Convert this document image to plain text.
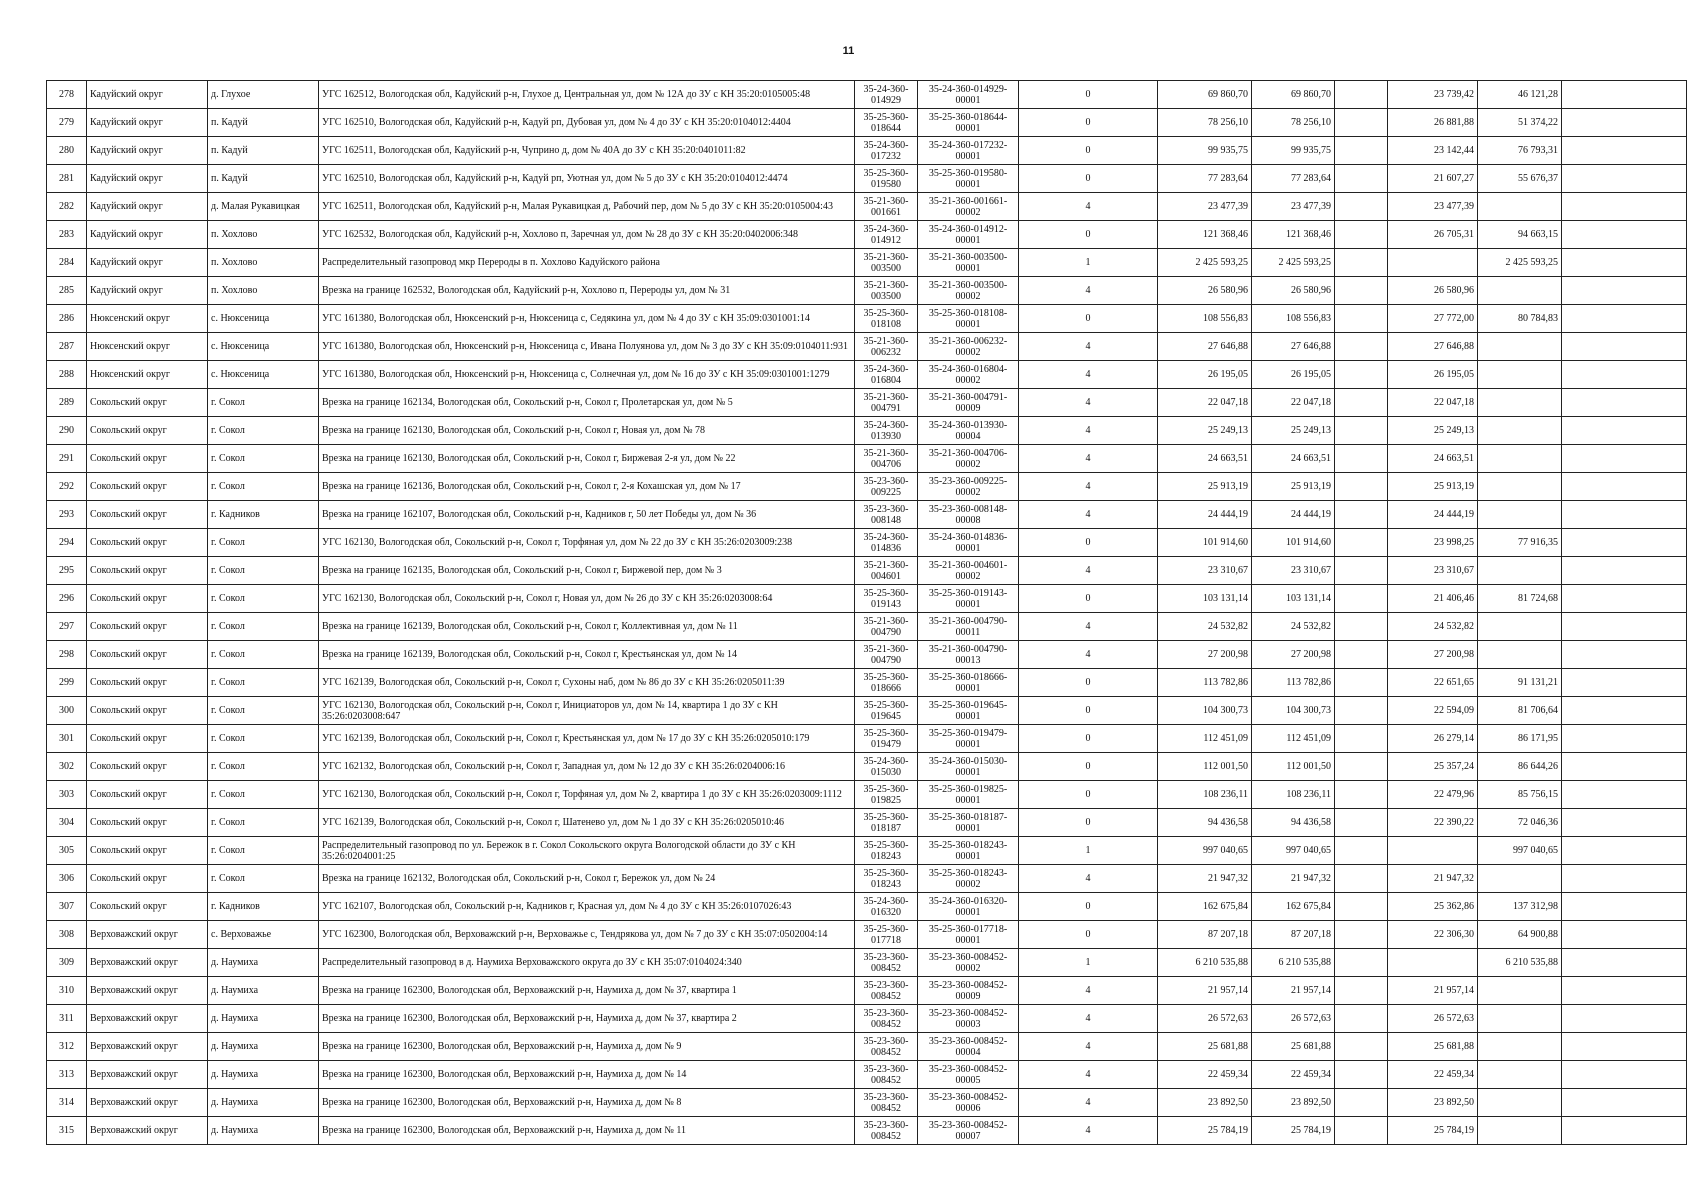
11
278	Кадуйский округ	д. Глухое	УГС 162512, Вологодская обл, Кадуйский р-н, Глухое д, Центральная ул, дом № 12А до ЗУ с КН 35:20:0105005:48	35-24-360-014929	35-24-360-014929-00001	0	69 860,70	69 860,70		23 739,42	46 121,28	
279	Кадуйский округ	п. Кадуй	УГС 162510, Вологодская обл, Кадуйский р-н, Кадуй рп, Дубовая ул, дом № 4 до ЗУ с КН 35:20:0104012:4404	35-25-360-018644	35-25-360-018644-00001	0	78 256,10	78 256,10		26 881,88	51 374,22	
280	Кадуйский округ	п. Кадуй	УГС 162511, Вологодская обл, Кадуйский р-н, Чуприно д, дом № 40А до ЗУ с КН 35:20:0401011:82	35-24-360-017232	35-24-360-017232-00001	0	99 935,75	99 935,75		23 142,44	76 793,31	
281	Кадуйский округ	п. Кадуй	УГС 162510, Вологодская обл, Кадуйский р-н, Кадуй рп, Уютная ул, дом № 5 до ЗУ с КН 35:20:0104012:4474	35-25-360-019580	35-25-360-019580-00001	0	77 283,64	77 283,64		21 607,27	55 676,37	
282	Кадуйский округ	д. Малая Рукавицкая	УГС 162511, Вологодская обл, Кадуйский р-н, Малая Рукавицкая д, Рабочий пер, дом № 5 до ЗУ с КН 35:20:0105004:43	35-21-360-001661	35-21-360-001661-00002	4	23 477,39	23 477,39		23 477,39		
283	Кадуйский округ	п. Хохлово	УГС 162532, Вологодская обл, Кадуйский р-н, Хохлово п, Заречная ул, дом № 28 до ЗУ с КН 35:20:0402006:348	35-24-360-014912	35-24-360-014912-00001	0	121 368,46	121 368,46		26 705,31	94 663,15	
284	Кадуйский округ	п. Хохлово	Распределительный газопровод мкр Перероды в п. Хохлово Кадуйского района	35-21-360-003500	35-21-360-003500-00001	1	2 425 593,25	2 425 593,25			2 425 593,25	
285	Кадуйский округ	п. Хохлово	Врезка на границе 162532, Вологодская обл, Кадуйский р-н, Хохлово п, Перероды ул, дом № 31	35-21-360-003500	35-21-360-003500-00002	4	26 580,96	26 580,96		26 580,96		
286	Нюксенский округ	с. Нюксеница	УГС 161380, Вологодская обл, Нюксенский р-н, Нюксеница с, Седякина ул, дом № 4 до ЗУ с КН 35:09:0301001:14	35-25-360-018108	35-25-360-018108-00001	0	108 556,83	108 556,83		27 772,00	80 784,83	
287	Нюксенский округ	с. Нюксеница	УГС 161380, Вологодская обл, Нюксенский р-н, Нюксеница с, Ивана Полуянова ул, дом № 3 до ЗУ с КН 35:09:0104011:931	35-21-360-006232	35-21-360-006232-00002	4	27 646,88	27 646,88		27 646,88		
288	Нюксенский округ	с. Нюксеница	УГС 161380, Вологодская обл, Нюксенский р-н, Нюксеница с, Солнечная ул, дом № 16 до ЗУ с КН 35:09:0301001:1279	35-24-360-016804	35-24-360-016804-00002	4	26 195,05	26 195,05		26 195,05		
289	Сокольский округ	г. Сокол	Врезка на границе 162134, Вологодская обл, Сокольский р-н, Сокол г, Пролетарская ул, дом № 5	35-21-360-004791	35-21-360-004791-00009	4	22 047,18	22 047,18		22 047,18		
290	Сокольский округ	г. Сокол	Врезка на границе 162130, Вологодская обл, Сокольский р-н, Сокол г, Новая ул, дом № 78	35-24-360-013930	35-24-360-013930-00004	4	25 249,13	25 249,13		25 249,13		
291	Сокольский округ	г. Сокол	Врезка на границе 162130, Вологодская обл, Сокольский р-н, Сокол г, Биржевая 2-я ул, дом № 22	35-21-360-004706	35-21-360-004706-00002	4	24 663,51	24 663,51		24 663,51		
292	Сокольский округ	г. Сокол	Врезка на границе 162136, Вологодская обл, Сокольский р-н, Сокол г, 2-я Кохашская ул, дом № 17	35-23-360-009225	35-23-360-009225-00002	4	25 913,19	25 913,19		25 913,19		
293	Сокольский округ	г. Кадников	Врезка на границе 162107, Вологодская обл, Сокольский р-н, Кадников г, 50 лет Победы ул, дом № 36	35-23-360-008148	35-23-360-008148-00008	4	24 444,19	24 444,19		24 444,19		
294	Сокольский округ	г. Сокол	УГС 162130, Вологодская обл, Сокольский р-н, Сокол г, Торфяная ул, дом № 22 до ЗУ с КН 35:26:0203009:238	35-24-360-014836	35-24-360-014836-00001	0	101 914,60	101 914,60		23 998,25	77 916,35	
295	Сокольский округ	г. Сокол	Врезка на границе 162135, Вологодская обл, Сокольский р-н, Сокол г, Биржевой пер, дом № 3	35-21-360-004601	35-21-360-004601-00002	4	23 310,67	23 310,67		23 310,67		
296	Сокольский округ	г. Сокол	УГС 162130, Вологодская обл, Сокольский р-н, Сокол г, Новая ул, дом № 26 до ЗУ с КН 35:26:0203008:64	35-25-360-019143	35-25-360-019143-00001	0	103 131,14	103 131,14		21 406,46	81 724,68	
297	Сокольский округ	г. Сокол	Врезка на границе 162139, Вологодская обл, Сокольский р-н, Сокол г, Коллективная ул, дом № 11	35-21-360-004790	35-21-360-004790-00011	4	24 532,82	24 532,82		24 532,82		
298	Сокольский округ	г. Сокол	Врезка на границе 162139, Вологодская обл, Сокольский р-н, Сокол г, Крестьянская ул, дом № 14	35-21-360-004790	35-21-360-004790-00013	4	27 200,98	27 200,98		27 200,98		
299	Сокольский округ	г. Сокол	УГС 162139, Вологодская обл, Сокольский р-н, Сокол г, Сухоны наб, дом № 86 до ЗУ с КН 35:26:0205011:39	35-25-360-018666	35-25-360-018666-00001	0	113 782,86	113 782,86		22 651,65	91 131,21	
300	Сокольский округ	г. Сокол	УГС 162130, Вологодская обл, Сокольский р-н, Сокол г, Инициаторов ул, дом № 14, квартира 1 до ЗУ с КН 35:26:0203008:647	35-25-360-019645	35-25-360-019645-00001	0	104 300,73	104 300,73		22 594,09	81 706,64	
301	Сокольский округ	г. Сокол	УГС 162139, Вологодская обл, Сокольский р-н, Сокол г, Крестьянская ул, дом № 17 до ЗУ с КН 35:26:0205010:179	35-25-360-019479	35-25-360-019479-00001	0	112 451,09	112 451,09		26 279,14	86 171,95	
302	Сокольский округ	г. Сокол	УГС 162132, Вологодская обл, Сокольский р-н, Сокол г, Западная ул, дом № 12 до ЗУ с КН 35:26:0204006:16	35-24-360-015030	35-24-360-015030-00001	0	112 001,50	112 001,50		25 357,24	86 644,26	
303	Сокольский округ	г. Сокол	УГС 162130, Вологодская обл, Сокольский р-н, Сокол г, Торфяная ул, дом № 2, квартира 1 до ЗУ с КН 35:26:0203009:1112	35-25-360-019825	35-25-360-019825-00001	0	108 236,11	108 236,11		22 479,96	85 756,15	
304	Сокольский округ	г. Сокол	УГС 162139, Вологодская обл, Сокольский р-н, Сокол г, Шатенево ул, дом № 1 до ЗУ с КН 35:26:0205010:46	35-25-360-018187	35-25-360-018187-00001	0	94 436,58	94 436,58		22 390,22	72 046,36	
305	Сокольский округ	г. Сокол	Распределительный газопровод по ул. Бережок в г. Сокол Сокольского округа Вологодской области до ЗУ с КН 35:26:0204001:25	35-25-360-018243	35-25-360-018243-00001	1	997 040,65	997 040,65			997 040,65	
306	Сокольский округ	г. Сокол	Врезка на границе 162132, Вологодская обл, Сокольский р-н, Сокол г, Бережок ул, дом № 24	35-25-360-018243	35-25-360-018243-00002	4	21 947,32	21 947,32		21 947,32		
307	Сокольский округ	г. Кадников	УГС 162107, Вологодская обл, Сокольский р-н, Кадников г, Красная ул, дом № 4 до ЗУ с КН 35:26:0107026:43	35-24-360-016320	35-24-360-016320-00001	0	162 675,84	162 675,84		25 362,86	137 312,98	
308	Верховажский округ	с. Верховажье	УГС 162300, Вологодская обл, Верховажский р-н, Верховажье с, Тендрякова ул, дом № 7 до ЗУ с КН 35:07:0502004:14	35-25-360-017718	35-25-360-017718-00001	0	87 207,18	87 207,18		22 306,30	64 900,88	
309	Верховажский округ	д. Наумиха	Распределительный газопровод в д. Наумиха Верховажского округа до ЗУ с КН 35:07:0104024:340	35-23-360-008452	35-23-360-008452-00002	1	6 210 535,88	6 210 535,88			6 210 535,88	
310	Верховажский округ	д. Наумиха	Врезка на границе 162300, Вологодская обл, Верховажский р-н, Наумиха д, дом № 37, квартира 1	35-23-360-008452	35-23-360-008452-00009	4	21 957,14	21 957,14		21 957,14		
311	Верховажский округ	д. Наумиха	Врезка на границе 162300, Вологодская обл, Верховажский р-н, Наумиха д, дом № 37, квартира 2	35-23-360-008452	35-23-360-008452-00003	4	26 572,63	26 572,63		26 572,63		
312	Верховажский округ	д. Наумиха	Врезка на границе 162300, Вологодская обл, Верховажский р-н, Наумиха д, дом № 9	35-23-360-008452	35-23-360-008452-00004	4	25 681,88	25 681,88		25 681,88		
313	Верховажский округ	д. Наумиха	Врезка на границе 162300, Вологодская обл, Верховажский р-н, Наумиха д, дом № 14	35-23-360-008452	35-23-360-008452-00005	4	22 459,34	22 459,34		22 459,34		
314	Верховажский округ	д. Наумиха	Врезка на границе 162300, Вологодская обл, Верховажский р-н, Наумиха д, дом № 8	35-23-360-008452	35-23-360-008452-00006	4	23 892,50	23 892,50		23 892,50		
315	Верховажский округ	д. Наумиха	Врезка на границе 162300, Вологодская обл, Верховажский р-н, Наумиха д, дом № 11	35-23-360-008452	35-23-360-008452-00007	4	25 784,19	25 784,19		25 784,19		
